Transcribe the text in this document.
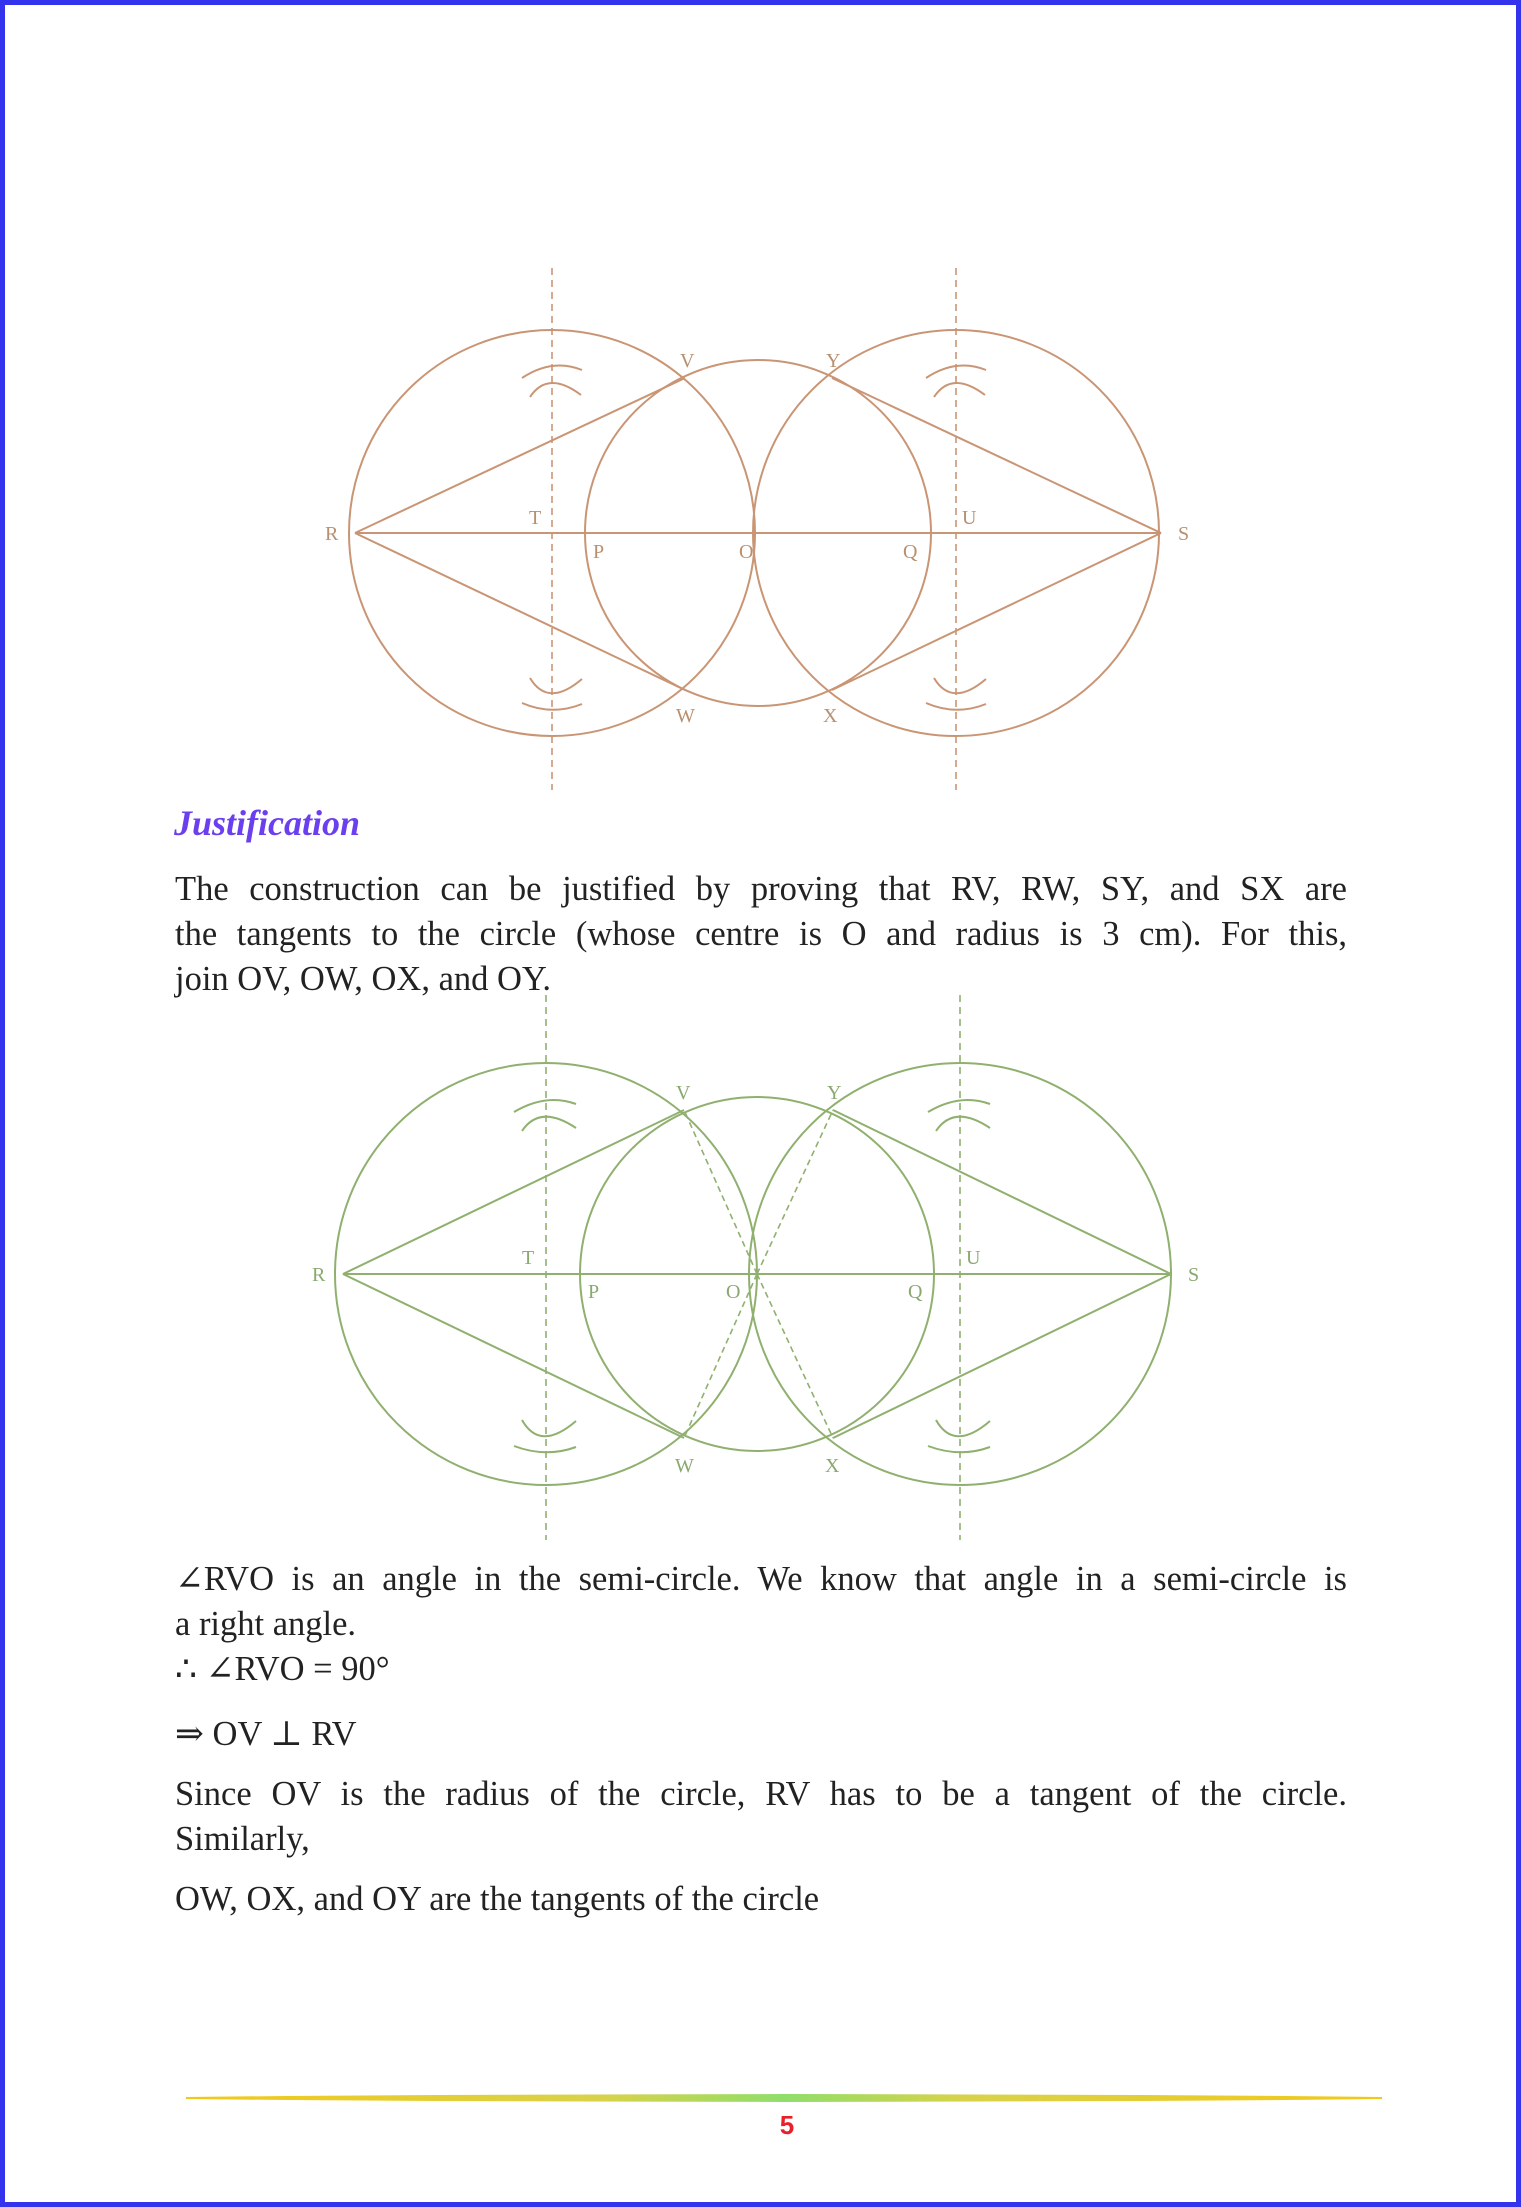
R
T
P	O	Q
U
S
V	Y
W	X
Justification
The construction can be justified by proving that RV, RW, SY, and SX are
the tangents to the circle (whose centre is O and radius is 3 cm). For this,
join OV, OW, OX, and OY.
R
T
P	O	Q
U
S
V	Y
W	X
∠RVO is an angle in the semi-circle. We know that angle in a semi-circle is
a right angle.
∴ ∠RVO = 90°
⇒ OV ⊥ RV
Since OV is the radius of the circle, RV has to be a tangent of the circle.
Similarly,
OW, OX, and OY are the tangents of the circle
5
